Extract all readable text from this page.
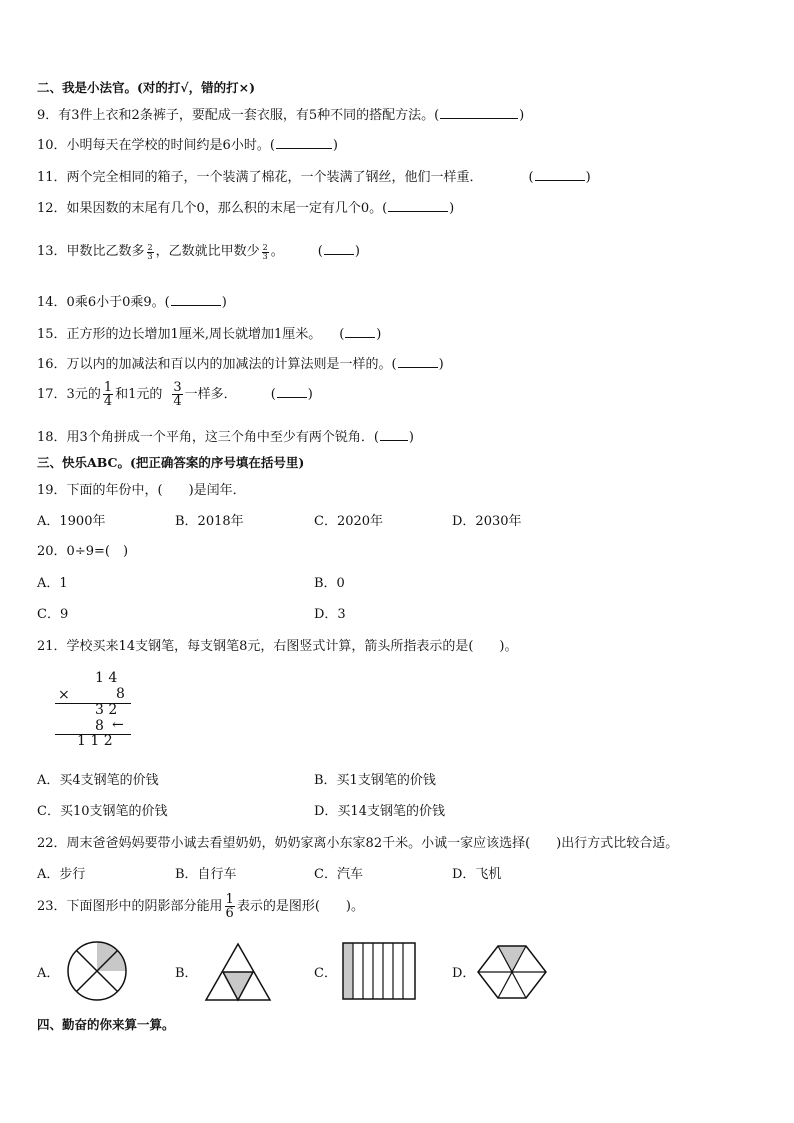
二、我是小法官。(对的打√，错的打×)
9．有3件上衣和2条裤子，要配成一套衣服，有5种不同的搭配方法。(	)
10．小明每天在学校的时间约是6小时。(	)
11．两个完全相同的箱子，一个装满了棉花，一个装满了钢丝，他们一样重．	(	)
12．如果因数的末尾有几个0，那么积的末尾一定有几个0。(	)
13．甲数比乙数多 $\frac{2}{3}$ ，乙数就比甲数少 $\frac{2}{3}$ 。	( )
14．0乘6小于0乘9。(	)
15．正方形的边长增加1厘米,周长就增加1厘米。 ( )
16．万以内的加减法和百以内的加减法的计算法则是一样的。(	)
17．3元的 $\frac{1}{4}$ 和1元的 $\frac{3}{4}$ 一样多．	( )
18．用3个角拼成一个平角，这三个角中至少有两个锐角．( )
三、快乐ABC。(把正确答案的序号填在括号里)
19．下面的年份中，(　　)是闰年．
A．1900年	B．2018年	C．2020年	D．2030年
20．0÷9=(　)
A．1	B．0
C．9	D．3
21．学校买来14支钢笔，每支钢笔8元，右图竖式计算，箭头所指表示的是(　　)。
1 4
×	8
3 2
8 ←
1 1 2
A．买4支钢笔的价钱	B．买1支钢笔的价钱
C．买10支钢笔的价钱	D．买14支钢笔的价钱
22．周末爸爸妈妈要带小诚去看望奶奶，奶奶家离小东家82千米。小诚一家应该选择(　　)出行方式比较合适。
A．步行	B．自行车	C．汽车	D．飞机
23．下面图形中的阴影部分能用 $\frac{1}{6}$ 表示的是图形(　　)。
A．	B．	C．	D．
四、勤奋的你来算一算。
